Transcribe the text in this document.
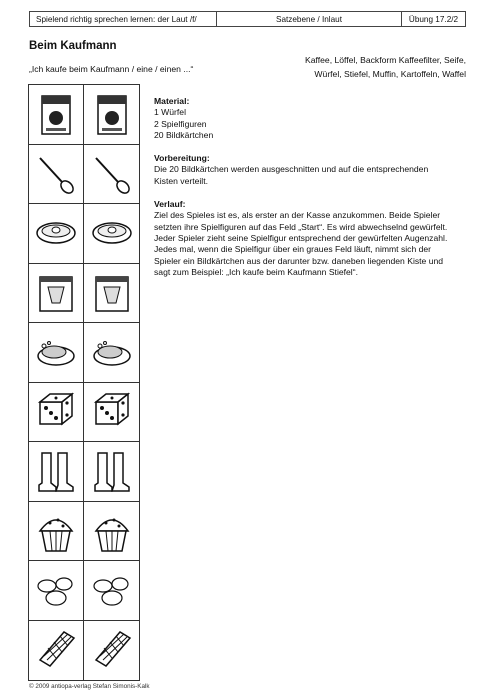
Spielend richtig sprechen lernen: der Laut /f/	Satzebene / Inlaut	Übung 17.2/2
Beim Kaufmann
„Ich kaufe beim Kaufmann / eine / einen ...“
Kaffee, Löffel, Backform Kaffeefilter, Seife,
Würfel, Stiefel, Muffin, Kartoffeln, Waffel
Material:
1 Würfel
2 Spielfiguren
20 Bildkärtchen
Vorbereitung:
Die 20 Bildkärtchen werden ausgeschnitten und auf die entsprechenden Kisten verteilt.
Verlauf:
Ziel des Spieles ist es, als erster an der Kasse anzukommen. Beide Spieler setzten ihre Spielfiguren auf das Feld „Start“. Es wird abwechselnd gewürfelt. Jeder Spieler zieht seine Spielfigur entsprechend der gewürfelten Augenzahl. Jedes mal, wenn die Spielfigur über ein graues Feld läuft, nimmt sich der Spieler ein Bildkärtchen aus der darunter bzw. daneben liegenden Kiste und sagt zum Beispiel: „Ich kaufe beim Kaufmann Stiefel“.
© 2009 antiopa-verlag Stefan Simonis-Kalk
